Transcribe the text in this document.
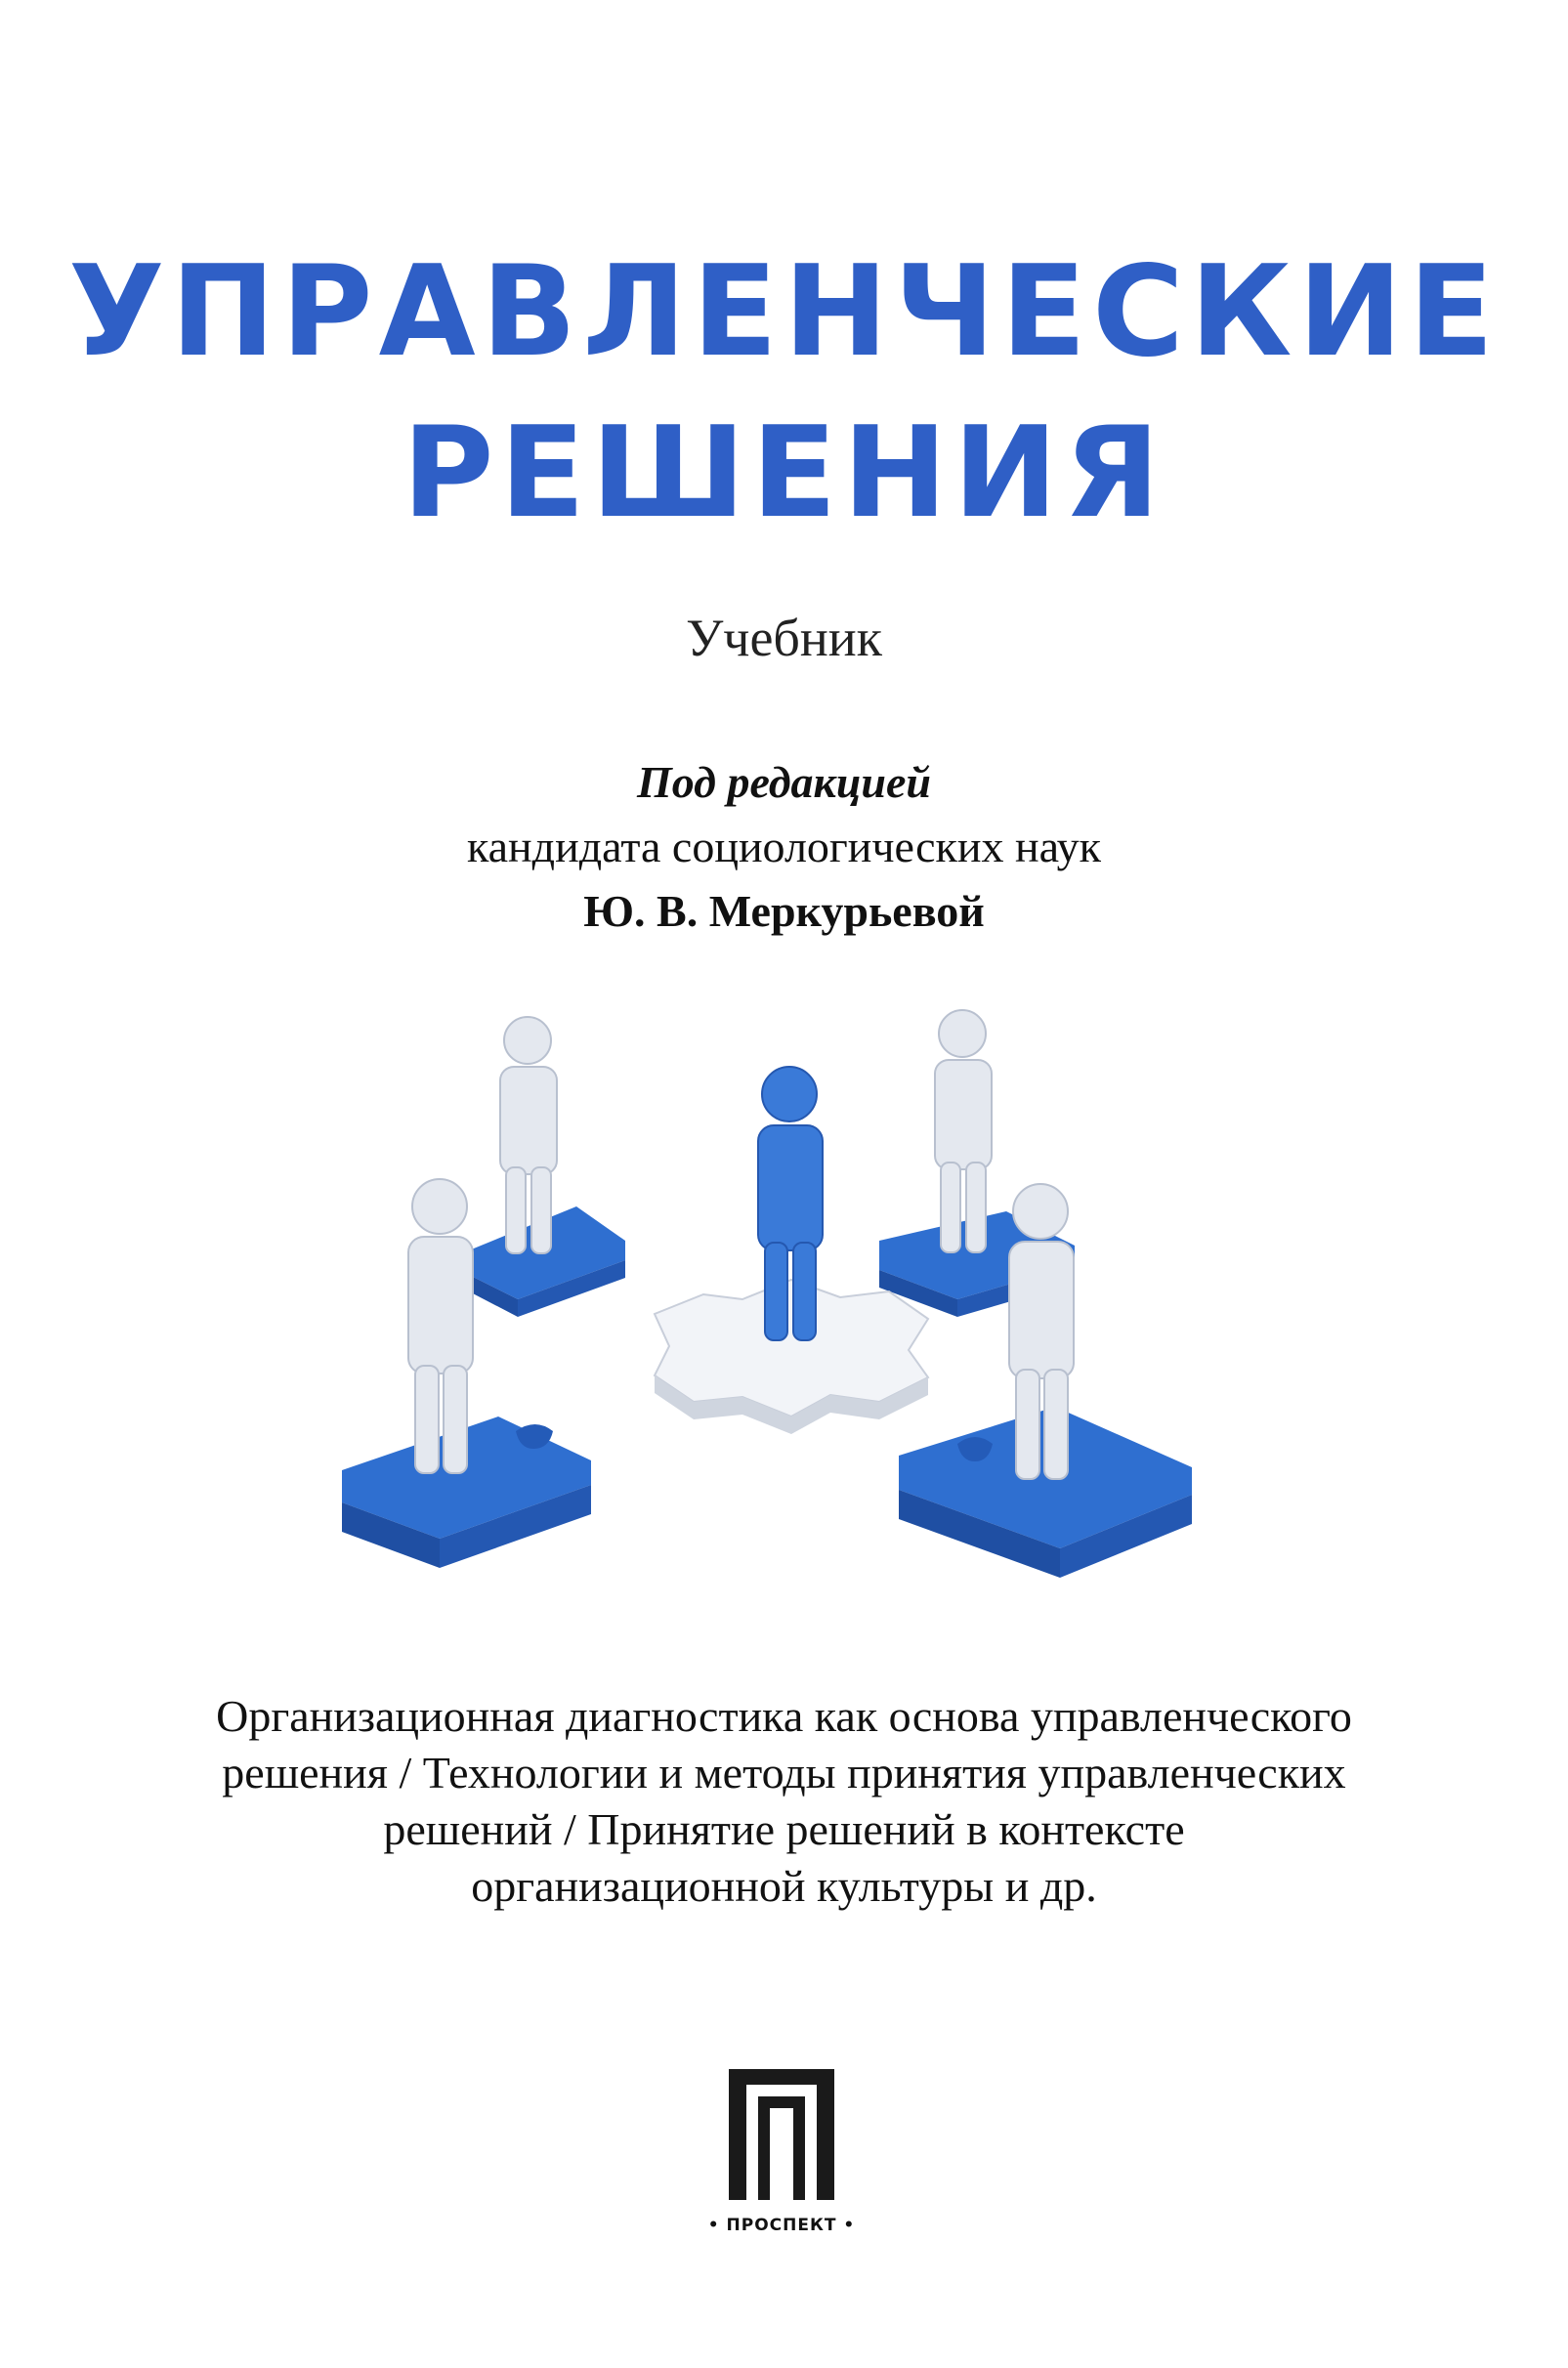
УПРАВЛЕНЧЕСКИЕ
РЕШЕНИЯ

Учебник

Под редакцией

кандидата социологических наук

Ю. В. Меркурьевой

Организационная диагностика как основа управленческого
решения / Технологии и методы принятия управленческих
решений / Принятие решений в контексте
организационной культуры и др.
• ПРОСПЕКТ •
